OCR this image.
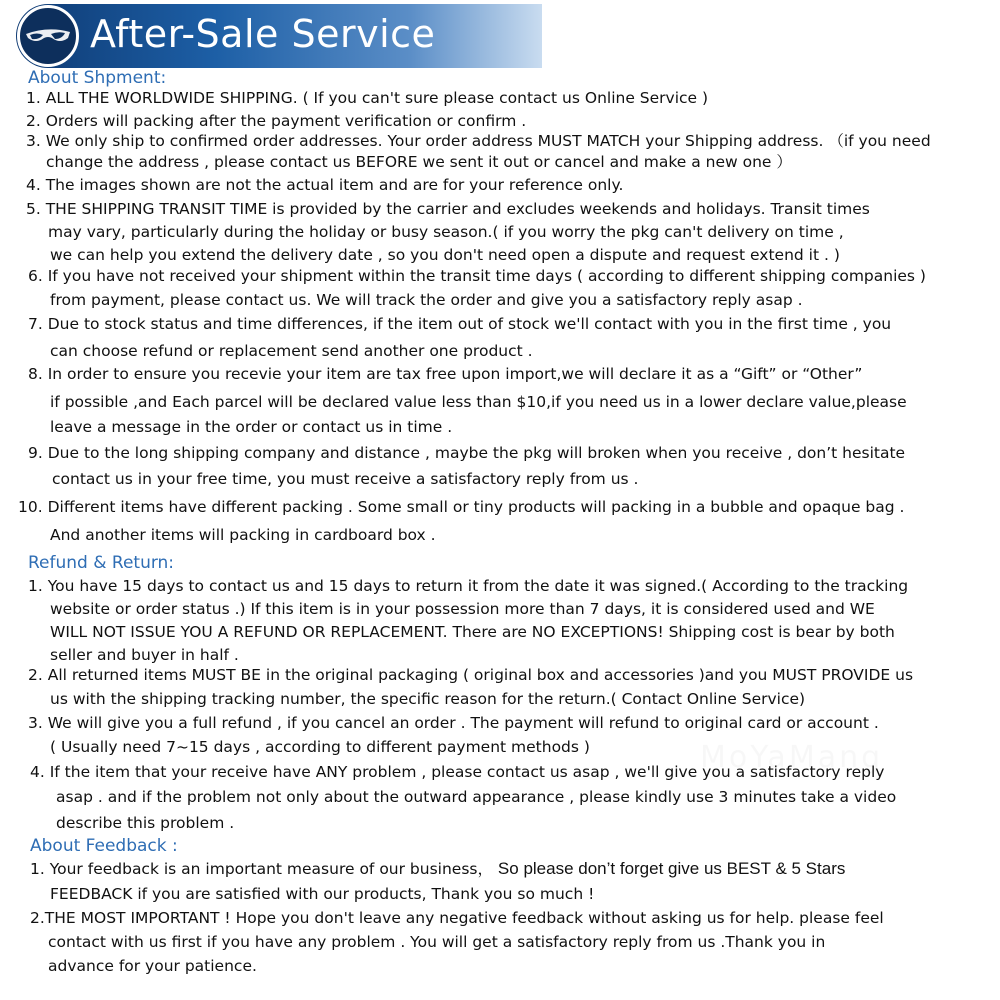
After-Sale Service
About Shpment:
1. ALL THE WORLDWIDE SHIPPING. ( If you can't sure please contact us Online Service )
2. Orders will packing after the payment verification or confirm .
3. We only ship to confirmed order addresses. Your order address MUST MATCH your Shipping address. （if you need
change the address , please contact us BEFORE we sent it out or cancel and make a new one ）
4. The images shown are not the actual item and are for your reference only.
5. THE SHIPPING TRANSIT TIME is provided by the carrier and excludes weekends and holidays. Transit times
may vary, particularly during the holiday or busy season.( if you worry the pkg can't delivery on time ,
we can help you extend the delivery date , so you don't need open a dispute and request extend it . )
6. If you have not received your shipment within the transit time days ( according to different shipping companies )
from payment, please contact us. We will track the order and give you a satisfactory reply asap .
7. Due to stock status and time differences, if the item out of stock we'll contact with you in the first time , you
can choose refund or replacement send another one product .
8. In order to ensure you recevie your item are tax free upon import,we will declare it as a “Gift” or “Other”
if possible ,and Each parcel will be declared value less than $10,if you need us in a lower declare value,please
leave a message in the order or contact us in time .
9. Due to the long shipping company and distance , maybe the pkg will broken when you receive , don’t hesitate
contact us in your free time, you must receive a satisfactory reply from us .
10. Different items have different packing . Some small or tiny products will packing in a bubble and opaque bag .
And another items will packing in cardboard box .
Refund & Return:
1. You have 15 days to contact us and 15 days to return it from the date it was signed.( According to the tracking
website or order status .) If this item is in your possession more than 7 days, it is considered used and WE
WILL NOT ISSUE YOU A REFUND OR REPLACEMENT. There are NO EXCEPTIONS! Shipping cost is bear by both
seller and buyer in half .
2. All returned items MUST BE in the original packaging ( original box and accessories )and you MUST PROVIDE us
us with the shipping tracking number, the specific reason for the return.( Contact Online Service)
3. We will give you a full refund , if you cancel an order . The payment will refund to original card or account .
( Usually need 7~15 days , according to different payment methods )
4. If the item that your receive have ANY problem , please contact us asap , we'll give you a satisfactory reply
asap . and if the problem not only about the outward appearance , please kindly use 3 minutes take a video
describe this problem .
About Feedback :
1. Your feedback is an important measure of our business， So please don’t forget give us BEST & 5 Stars
FEEDBACK if you are satisfied with our products, Thank you so much !
2.THE MOST IMPORTANT ! Hope you don't leave any negative feedback without asking us for help. please feel
contact with us first if you have any problem . You will get a satisfactory reply from us .Thank you in
advance for your patience.
